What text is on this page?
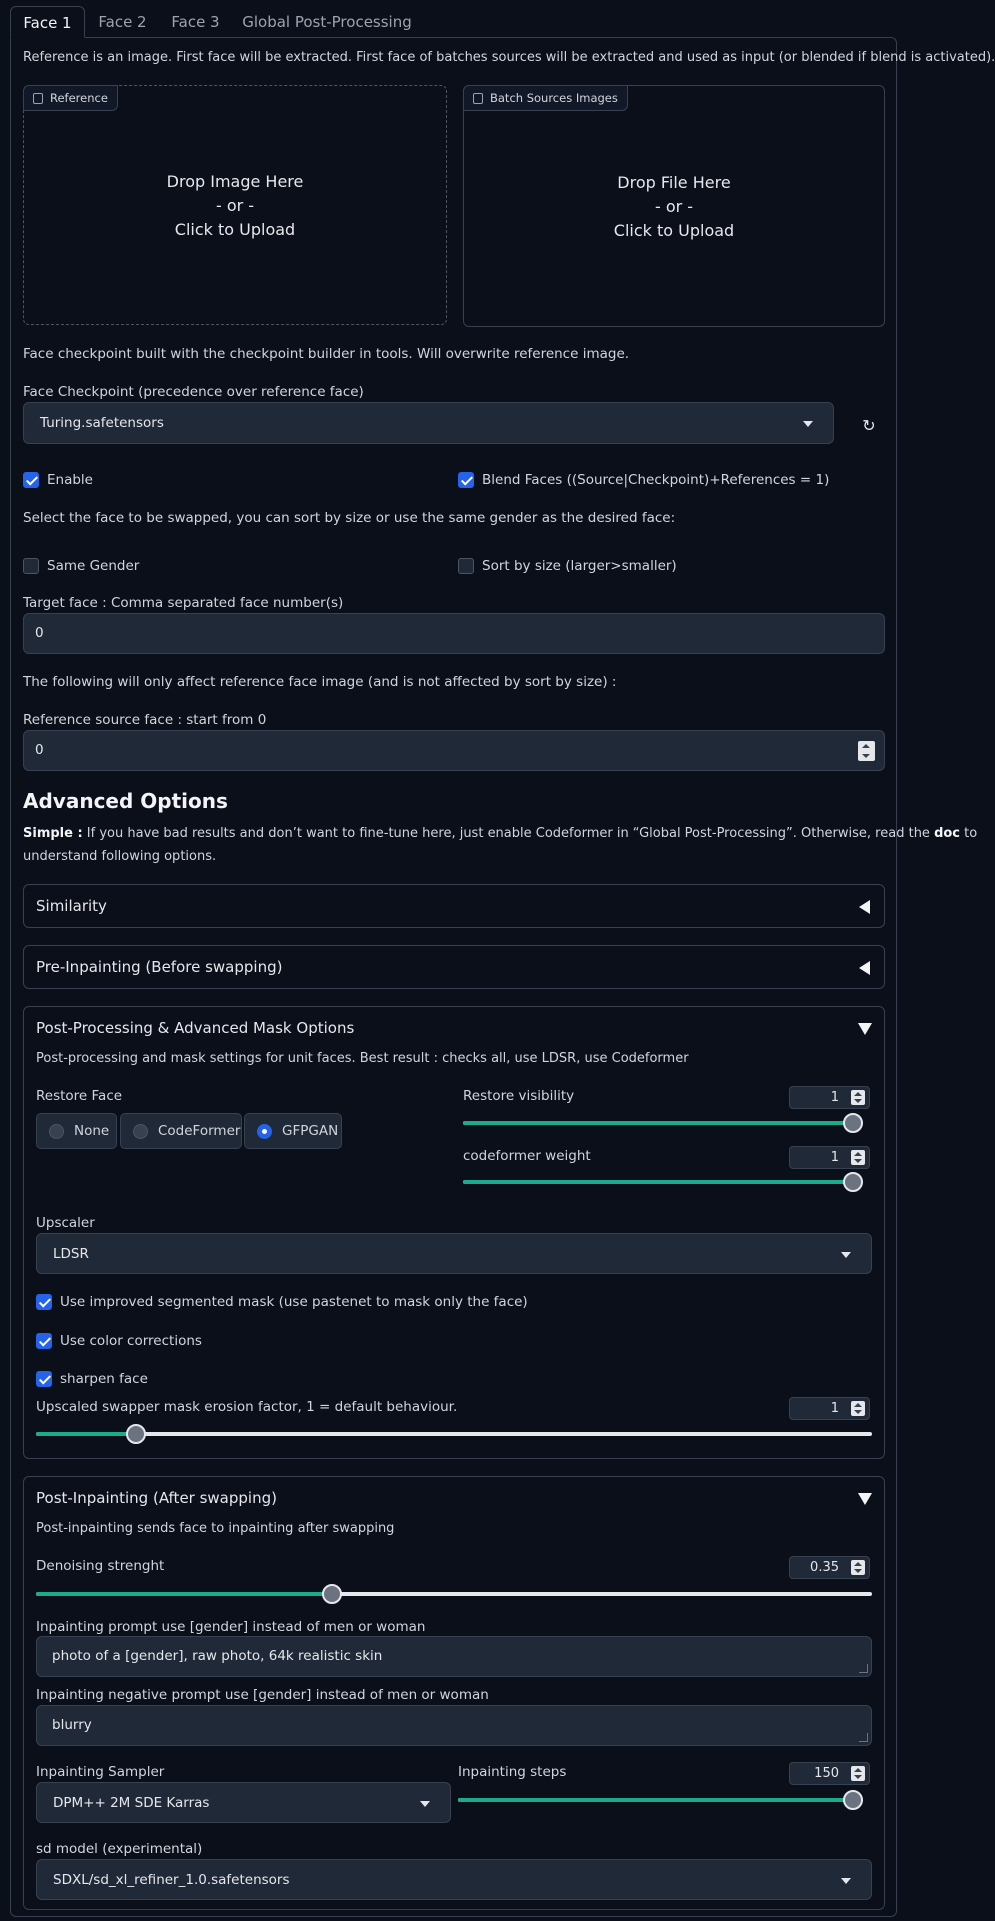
Face 1	Face 2	Face 3	Global Post-Processing
Reference is an image. First face will be extracted. First face of batches sources will be extracted and used as input (or blended if blend is activated).
Reference
Drop Image Here
- or -
Click to Upload
Batch Sources Images
Drop File Here
- or -
Click to Upload
Face checkpoint built with the checkpoint builder in tools. Will overwrite reference image.
Face Checkpoint (precedence over reference face)
Turing.safetensors	↻
Enable	Blend Faces ((Source|Checkpoint)+References = 1)
Select the face to be swapped, you can sort by size or use the same gender as the desired face:
Same Gender	Sort by size (larger>smaller)
Target face : Comma separated face number(s)
0
The following will only affect reference face image (and is not affected by sort by size) :
Reference source face : start from 0
0
Advanced Options
Simple : If you have bad results and don’t want to fine-tune here, just enable Codeformer in “Global Post-Processing”. Otherwise, read the doc to
understand following options.
Similarity
Pre-Inpainting (Before swapping)
Post-Processing & Advanced Mask Options
Post-processing and mask settings for unit faces. Best result : checks all, use LDSR, use Codeformer
Restore Face
None	CodeFormer	GFPGAN
Restore visibility	1
codeformer weight	1
Upscaler
LDSR
Use improved segmented mask (use pastenet to mask only the face)
Use color corrections
sharpen face
Upscaled swapper mask erosion factor, 1 = default behaviour.	1
Post-Inpainting (After swapping)
Post-inpainting sends face to inpainting after swapping
Denoising strenght	0.35
Inpainting prompt use [gender] instead of men or woman
photo of a [gender], raw photo, 64k realistic skin
Inpainting negative prompt use [gender] instead of men or woman
blurry
Inpainting Sampler
DPM++ 2M SDE Karras
Inpainting steps	150
sd model (experimental)
SDXL/sd_xl_refiner_1.0.safetensors
